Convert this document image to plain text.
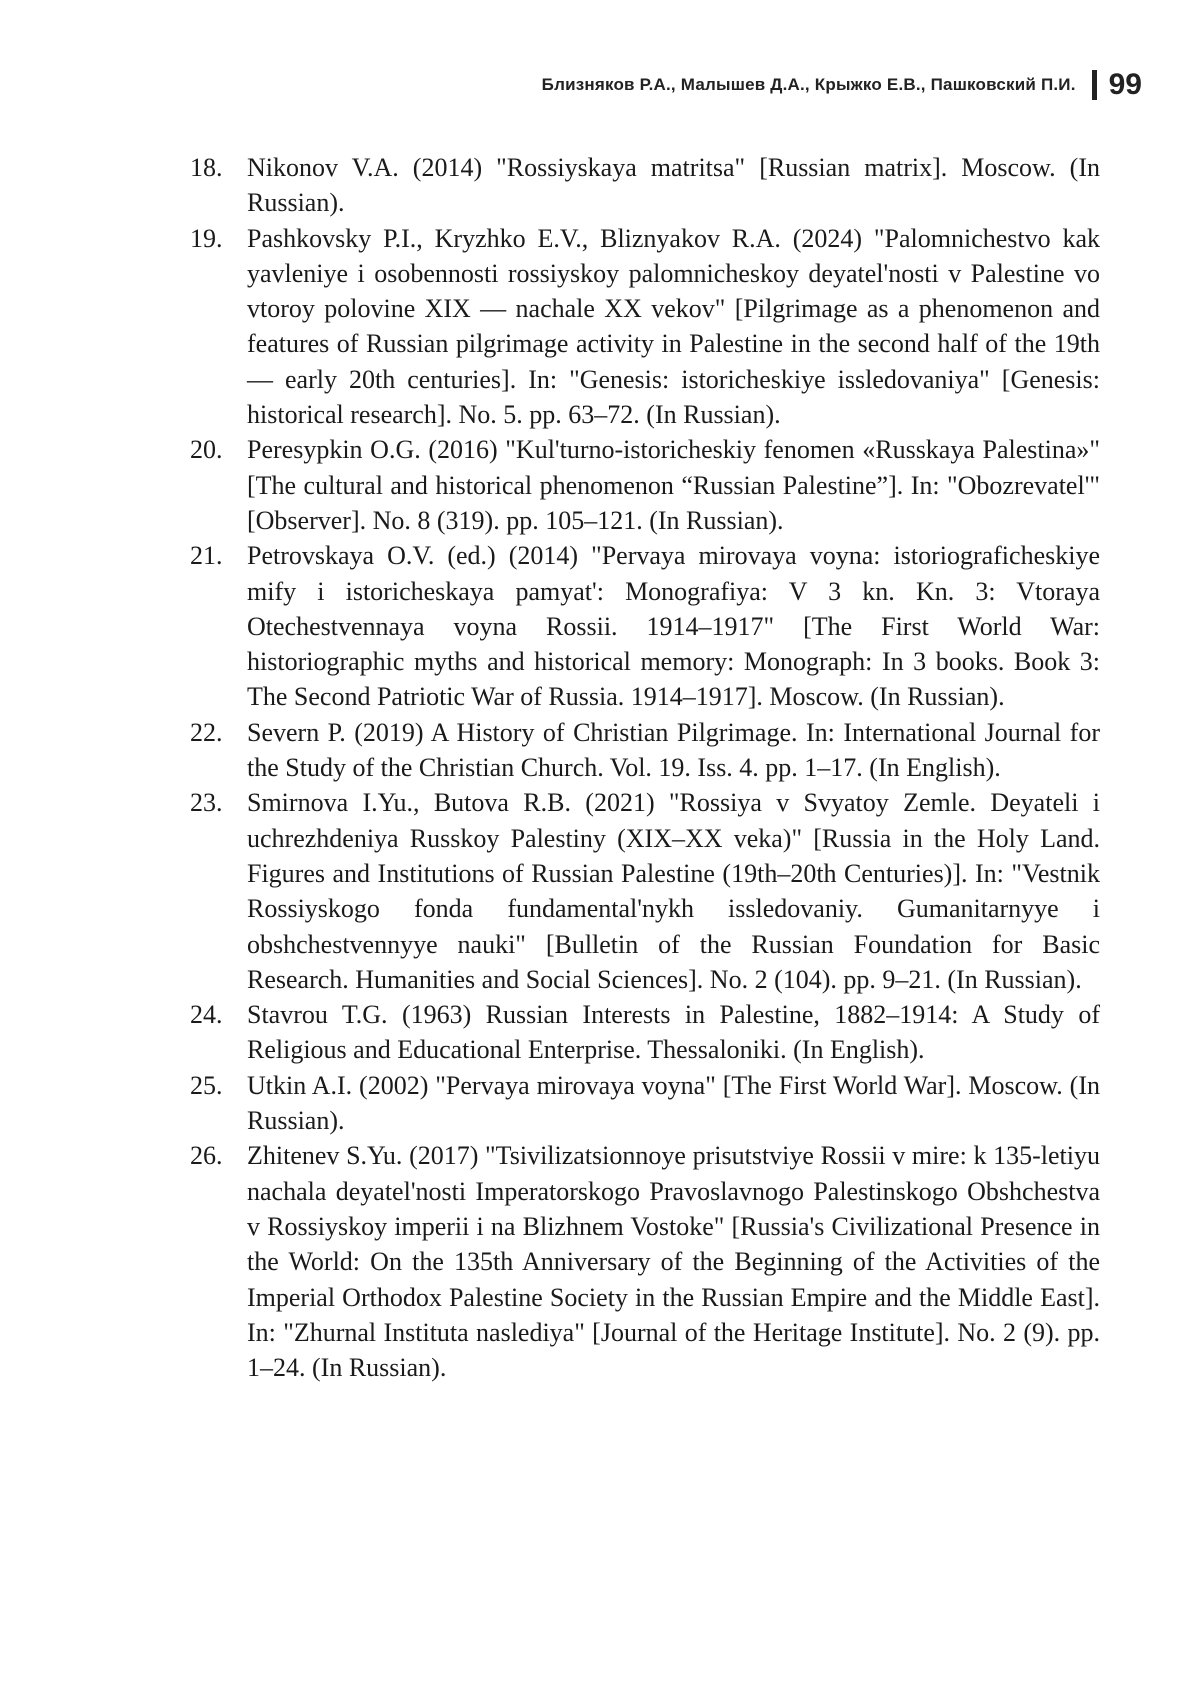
Близняков Р.А., Малышев Д.А., Крыжко Е.В., Пашковский П.И. 99
18. Nikonov V.A. (2014) "Rossiyskaya matritsa" [Russian matrix]. Moscow. (In Russian).
19. Pashkovsky P.I., Kryzhko E.V., Bliznyakov R.A. (2024) "Palomnichestvo kak yavleniye i osobennosti rossiyskoy palomnicheskoy deyatel'nosti v Palestine vo vtoroy polovine XIX — nachale XX vekov" [Pilgrimage as a phenomenon and features of Russian pilgrimage activity in Palestine in the second half of the 19th — early 20th centuries]. In: "Genesis: istoricheskiye issledovaniya" [Genesis: historical research]. No. 5. pp. 63–72. (In Russian).
20. Peresypkin O.G. (2016) "Kul'turno-istoricheskiy fenomen «Russkaya Palestina»" [The cultural and historical phenomenon “Russian Palestine”]. In: "Obozrevatel'" [Observer]. No. 8 (319). pp. 105–121. (In Russian).
21. Petrovskaya O.V. (ed.) (2014) "Pervaya mirovaya voyna: istoriograficheskiye mify i istoricheskaya pamyat': Monografiya: V 3 kn. Kn. 3: Vtoraya Otechestvennaya voyna Rossii. 1914–1917" [The First World War: historiographic myths and historical memory: Monograph: In 3 books. Book 3: The Second Patriotic War of Russia. 1914–1917]. Moscow. (In Russian).
22. Severn P. (2019) A History of Christian Pilgrimage. In: International Journal for the Study of the Christian Church. Vol. 19. Iss. 4. pp. 1–17. (In English).
23. Smirnova I.Yu., Butova R.B. (2021) "Rossiya v Svyatoy Zemle. Deyateli i uchrezhdeniya Russkoy Palestiny (XIX–XX veka)" [Russia in the Holy Land. Figures and Institutions of Russian Palestine (19th–20th Centuries)]. In: "Vestnik Rossiyskogo fonda fundamental'nykh issledovaniy. Gumanitarnyye i obshchestvennyye nauki" [Bulletin of the Russian Foundation for Basic Research. Humanities and Social Sciences]. No. 2 (104). pp. 9–21. (In Russian).
24. Stavrou T.G. (1963) Russian Interests in Palestine, 1882–1914: A Study of Religious and Educational Enterprise. Thessaloniki. (In English).
25. Utkin A.I. (2002) "Pervaya mirovaya voyna" [The First World War]. Moscow. (In Russian).
26. Zhitenev S.Yu. (2017) "Tsivilizatsionnoye prisutstviye Rossii v mire: k 135-letiyu nachala deyatel'nosti Imperatorskogo Pravoslavnogo Palestinskogo Obshchestva v Rossiyskoy imperii i na Blizhnem Vostoke" [Russia's Civilizational Presence in the World: On the 135th Anniversary of the Beginning of the Activities of the Imperial Orthodox Palestine Society in the Russian Empire and the Middle East]. In: "Zhurnal Instituta naslediya" [Journal of the Heritage Institute]. No. 2 (9). pp. 1–24. (In Russian).
